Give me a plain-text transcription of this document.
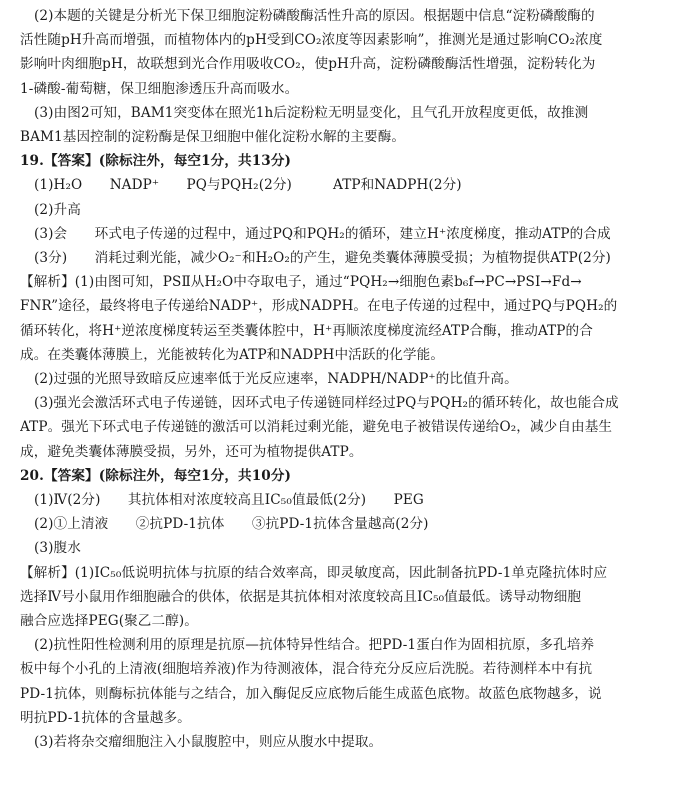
(2)本题的关键是分析光下保卫细胞淀粉磷酸酶活性升高的原因。根据题中信息“淀粉磷酸酶的
活性随pH升高而增强，而植物体内的pH受到CO₂浓度等因素影响”，推测光是通过影响CO₂浓度
影响叶肉细胞pH，故联想到光合作用吸收CO₂，使pH升高，淀粉磷酸酶活性增强，淀粉转化为
1-磷酸-葡萄糖，保卫细胞渗透压升高而吸水。
(3)由图2可知，BAM1突变体在照光1h后淀粉粒无明显变化，且气孔开放程度更低，故推测
BAM1基因控制的淀粉酶是保卫细胞中催化淀粉水解的主要酶。
19.【答案】(除标注外，每空1分，共13分)
(1)H₂O　　NADP⁺　　PQ与PQH₂(2分)　　　ATP和NADPH(2分)
(2)升高
(3)会　　环式电子传递的过程中，通过PQ和PQH₂的循环，建立H⁺浓度梯度，推动ATP的合成
(3分)　　消耗过剩光能，减少O₂⁻和H₂O₂的产生，避免类囊体薄膜受损；为植物提供ATP(2分)
【解析】(1)由图可知，PSⅡ从H₂O中夺取电子，通过“PQH₂→细胞色素b₆f→PC→PSⅠ→Fd→
FNR”途径，最终将电子传递给NADP⁺，形成NADPH。在电子传递的过程中，通过PQ与PQH₂的
循环转化，将H⁺逆浓度梯度转运至类囊体腔中，H⁺再顺浓度梯度流经ATP合酶，推动ATP的合
成。在类囊体薄膜上，光能被转化为ATP和NADPH中活跃的化学能。
(2)过强的光照导致暗反应速率低于光反应速率，NADPH/NADP⁺的比值升高。
(3)强光会激活环式电子传递链，因环式电子传递链同样经过PQ与PQH₂的循环转化，故也能合成
ATP。强光下环式电子传递链的激活可以消耗过剩光能，避免电子被错误传递给O₂，减少自由基生
成，避免类囊体薄膜受损，另外，还可为植物提供ATP。
20.【答案】(除标注外，每空1分，共10分)
(1)Ⅳ(2分)　　其抗体相对浓度较高且IC₅₀值最低(2分)　　PEG
(2)①上清液　　②抗PD-1抗体　　③抗PD-1抗体含量越高(2分)
(3)腹水
【解析】(1)IC₅₀低说明抗体与抗原的结合效率高，即灵敏度高，因此制备抗PD-1单克隆抗体时应
选择Ⅳ号小鼠用作细胞融合的供体，依据是其抗体相对浓度较高且IC₅₀值最低。诱导动物细胞
融合应选择PEG(聚乙二醇)。
(2)抗性阳性检测利用的原理是抗原—抗体特异性结合。把PD-1蛋白作为固相抗原，多孔培养
板中每个小孔的上清液(细胞培养液)作为待测液体，混合待充分反应后洗脱。若待测样本中有抗
PD-1抗体，则酶标抗体能与之结合，加入酶促反应底物后能生成蓝色底物。故蓝色底物越多，说
明抗PD-1抗体的含量越多。
(3)若将杂交瘤细胞注入小鼠腹腔中，则应从腹水中提取。
